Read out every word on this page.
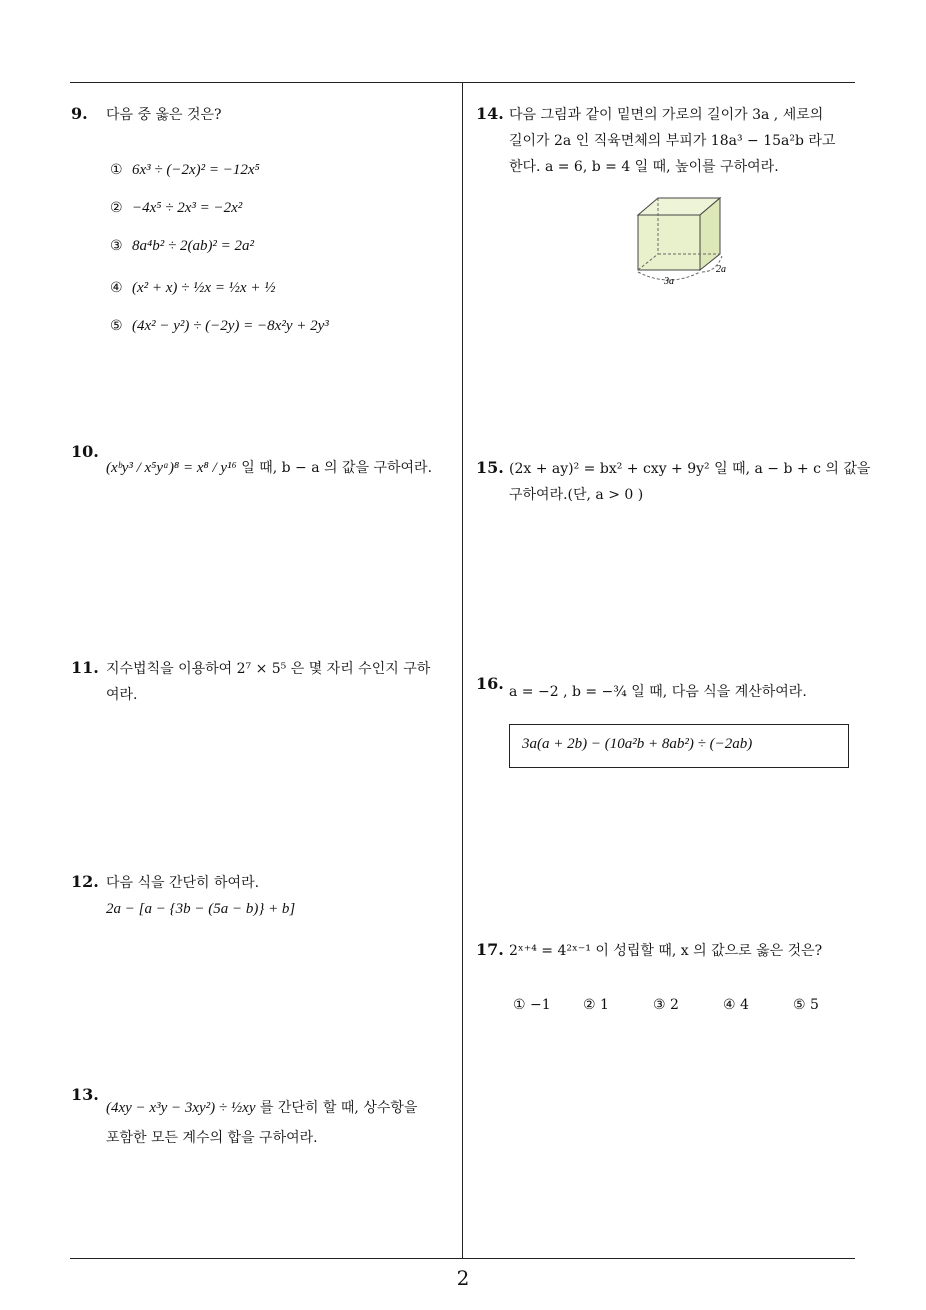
9. 다음 중 옳은 것은?
① 6x³ ÷ (−2x)² = −12x⁵
② −4x⁵ ÷ 2x³ = −2x²
③ 8a⁴b² ÷ 2(ab)² = 2a²
④ (x² + x) ÷ ½x = ½x + ½
⑤ (4x² − y²) ÷ (−2y) = −8x²y + 2y³
10.
(xᵇy³ / x⁵yᵃ)⁸ = x⁸ / y¹⁶ 일 때, b − a 의 값을 구하여라.
11. 지수법칙을 이용하여 2⁷ × 5⁵ 은 몇 자리 수인지 구하
여라.
12. 다음 식을 간단히 하여라.
2a − [a − {3b − (5a − b)} + b]
13.
(4xy − x³y − 3xy²) ÷ ½xy 를 간단히 할 때, 상수항을
포함한 모든 계수의 합을 구하여라.
14. 다음 그림과 같이 밑면의 가로의 길이가 3a , 세로의
길이가 2a 인 직육면체의 부피가 18a³ − 15a²b 라고
한다. a = 6, b = 4 일 때, 높이를 구하여라.
3a
2a
15. (2x + ay)² = bx² + cxy + 9y² 일 때, a − b + c 의 값을
구하여라.(단, a > 0 )
16. a = −2 , b = −¾ 일 때, 다음 식을 계산하여라.
3a(a + 2b) − (10a²b + 8ab²) ÷ (−2ab)
17. 2ˣ⁺⁴ = 4²ˣ⁻¹ 이 성립할 때, x 의 값으로 옳은 것은?
① −1 ② 1	③ 2	④ 4	⑤ 5
2
